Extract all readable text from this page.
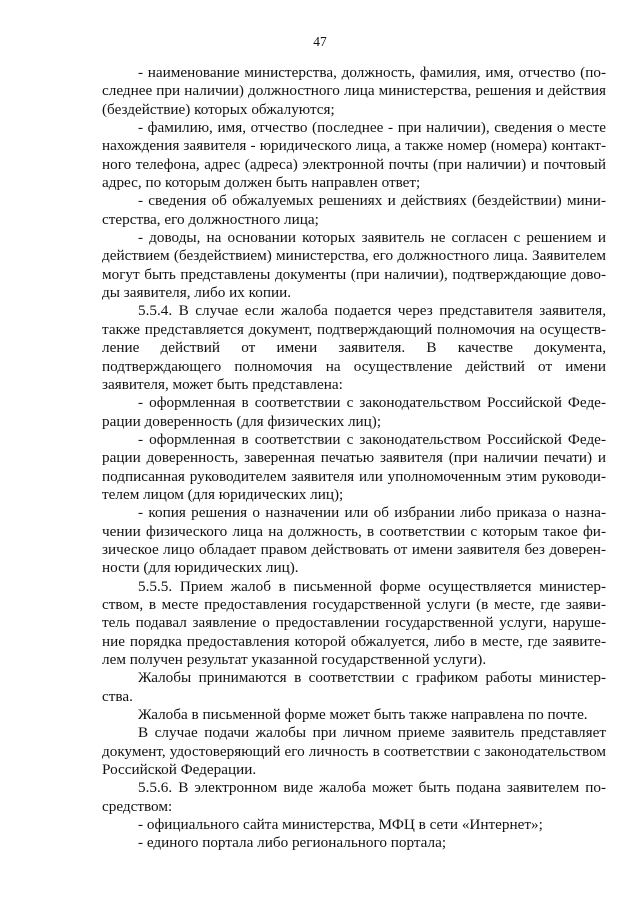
47

- наименование министерства, должность, фамилия, имя, отчество (последнее при наличии) должностного лица министерства, решения и действия (бездействие) которых обжалуются;

- фамилию, имя, отчество (последнее - при наличии), сведения о месте нахождения заявителя - юридического лица, а также номер (номера) контактного телефона, адрес (адреса) электронной почты (при наличии) и почтовый адрес, по которым должен быть направлен ответ;

- сведения об обжалуемых решениях и действиях (бездействии) министерства, его должностного лица;

- доводы, на основании которых заявитель не согласен с решением и действием (бездействием) министерства, его должностного лица. Заявителем могут быть представлены документы (при наличии), подтверждающие доводы заявителя, либо их копии.

5.5.4. В случае если жалоба подается через представителя заявителя, также представляется документ, подтверждающий полномочия на осуществление действий от имени заявителя. В качестве документа, подтверждающего полномочия на осуществление действий от имени заявителя, может быть представлена:

- оформленная в соответствии с законодательством Российской Федерации доверенность (для физических лиц);

- оформленная в соответствии с законодательством Российской Федерации доверенность, заверенная печатью заявителя (при наличии печати) и подписанная руководителем заявителя или уполномоченным этим руководителем лицом (для юридических лиц);

- копия решения о назначении или об избрании либо приказа о назначении физического лица на должность, в соответствии с которым такое физическое лицо обладает правом действовать от имени заявителя без доверенности (для юридических лиц).

5.5.5. Прием жалоб в письменной форме осуществляется министерством, в месте предоставления государственной услуги (в месте, где заявитель подавал заявление о предоставлении государственной услуги, нарушение порядка предоставления которой обжалуется, либо в месте, где заявителем получен результат указанной государственной услуги).

Жалобы принимаются в соответствии с графиком работы министерства.

Жалоба в письменной форме может быть также направлена по почте.

В случае подачи жалобы при личном приеме заявитель представляет документ, удостоверяющий его личность в соответствии с законодательством Российской Федерации.

5.5.6. В электронном виде жалоба может быть подана заявителем посредством:

- официального сайта министерства, МФЦ в сети «Интернет»;

- единого портала либо регионального портала;
